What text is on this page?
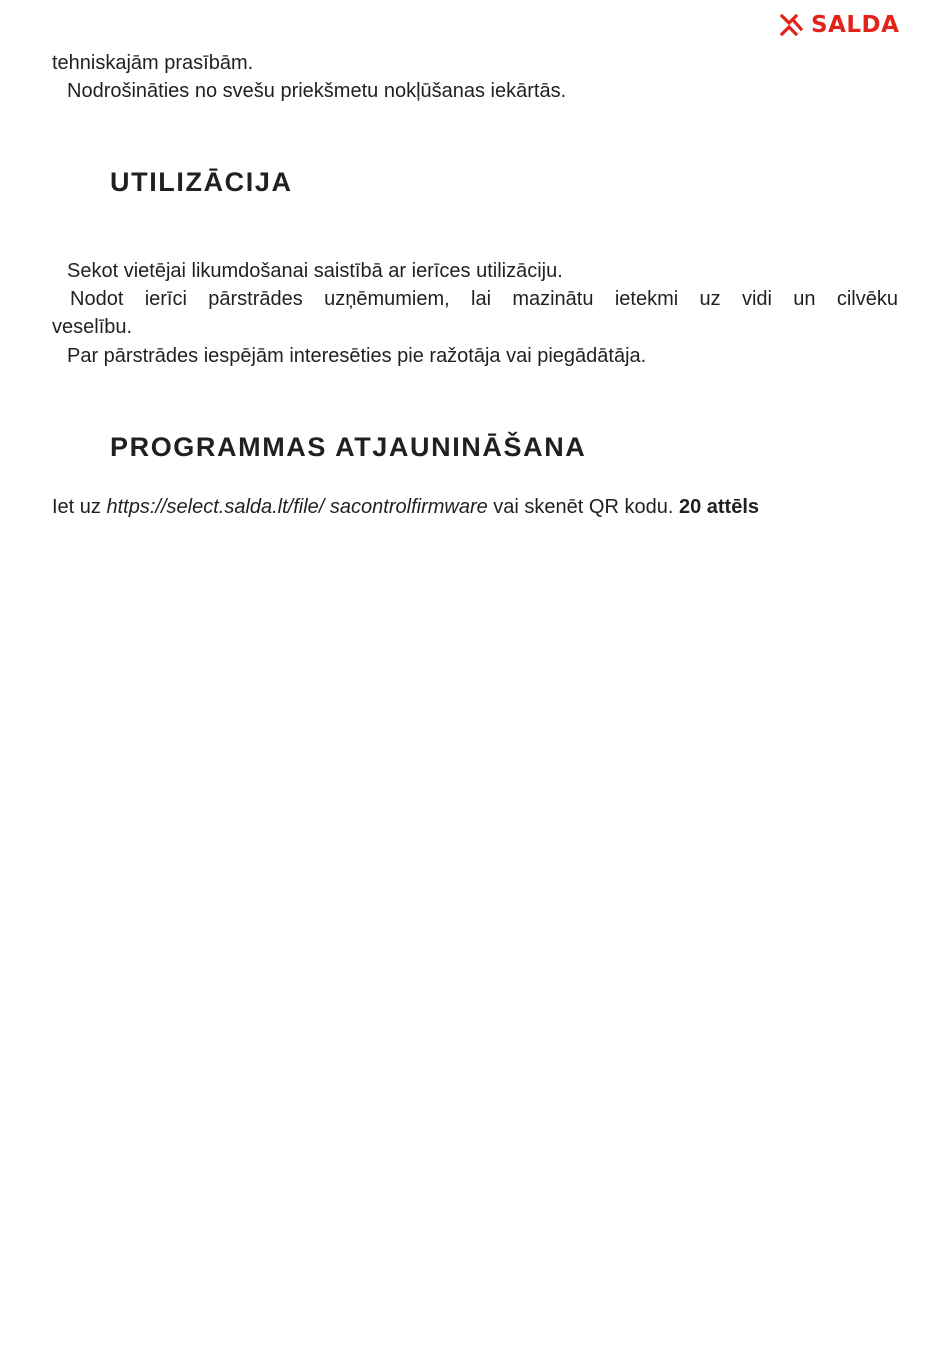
SALDA

tehniskajām prasībām.

Nodrošināties no svešu priekšmetu nokļūšanas iekārtās.

UTILIZĀCIJA

Sekot vietējai likumdošanai saistībā ar ierīces utilizāciju.

Nodot ierīci pārstrādes uzņēmumiem, lai mazinātu ietekmi uz vidi un cilvēku

veselību.

Par pārstrādes iespējām interesēties pie ražotāja vai piegādātāja.

PROGRAMMAS ATJAUNINĀŠANA

Iet uz https://select.salda.lt/file/ sacontrolfirmware vai skenēt QR kodu. 20 attēls
